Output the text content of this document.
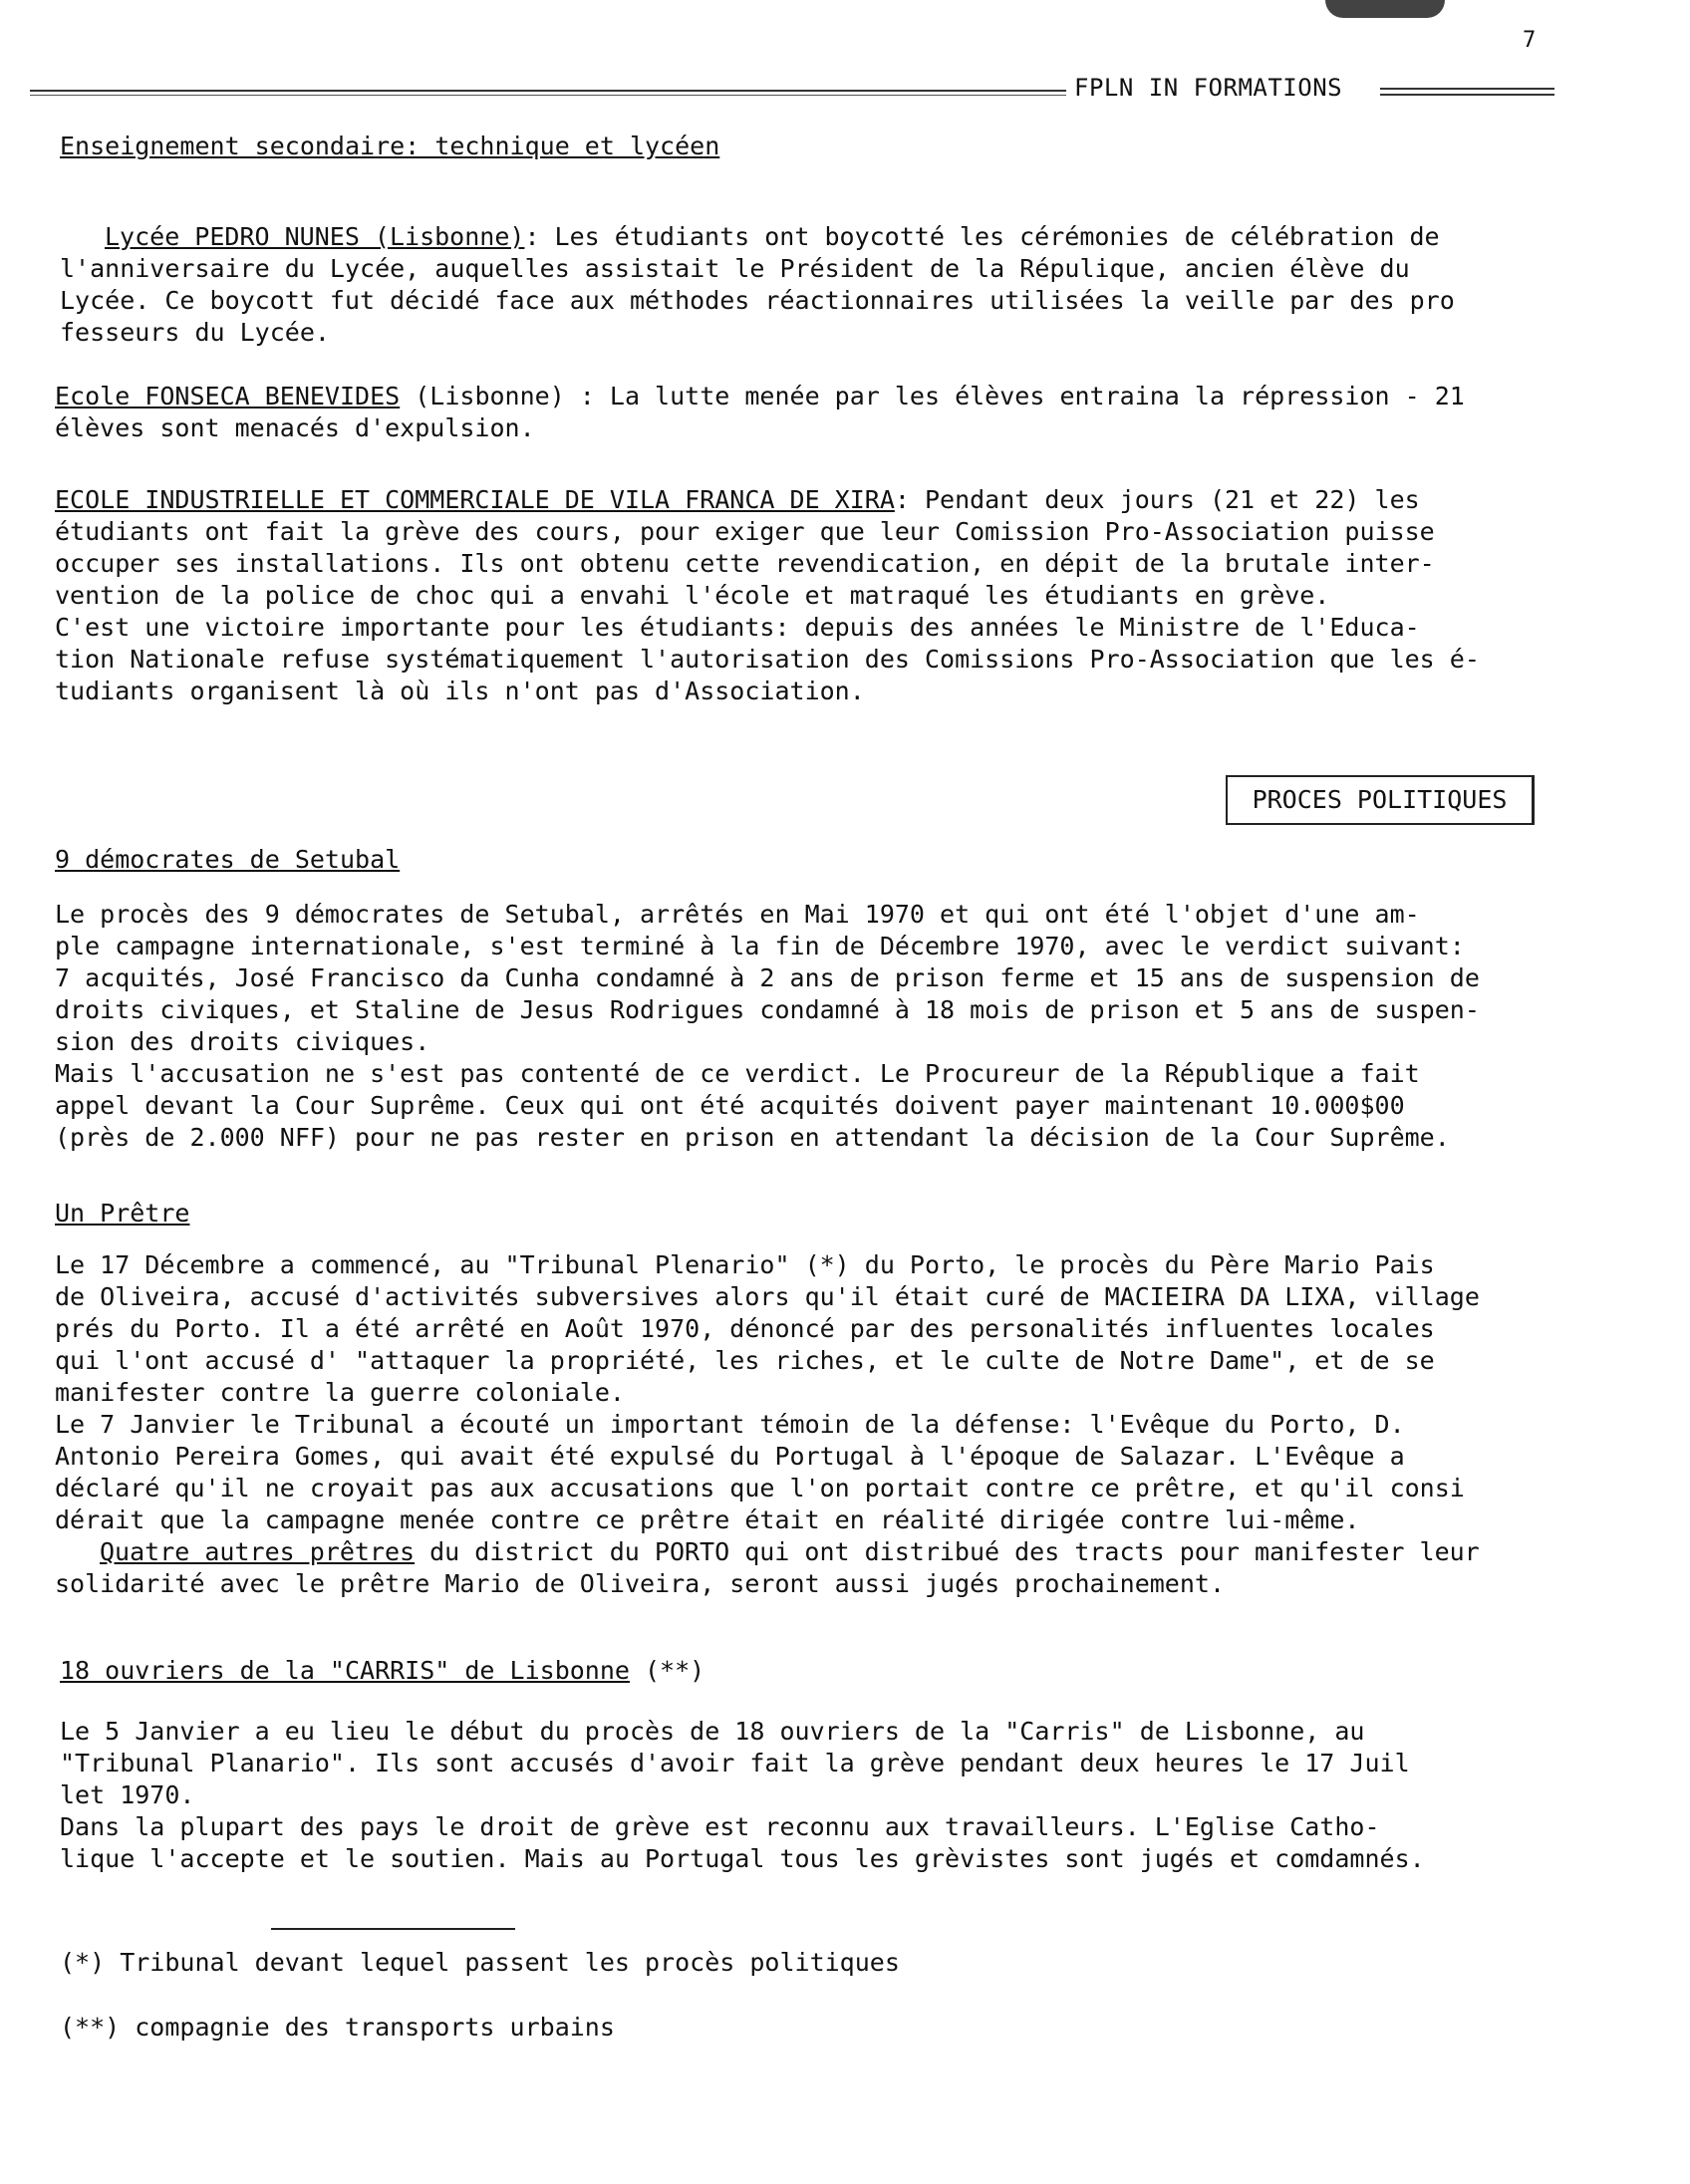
7
FPLN IN FORMATIONS
Enseignement secondaire: technique et lycéen
Lycée PEDRO NUNES (Lisbonne): Les étudiants ont boycotté les cérémonies de célébration de
l'anniversaire du Lycée, auquelles assistait le Président de la Répulique, ancien élève du
Lycée. Ce boycott fut décidé face aux méthodes réactionnaires utilisées la veille par des pro
fesseurs du Lycée.
Ecole FONSECA BENEVIDES (Lisbonne) : La lutte menée par les élèves entraina la répression - 21
élèves sont menacés d'expulsion.
ECOLE INDUSTRIELLE ET COMMERCIALE DE VILA FRANCA DE XIRA: Pendant deux jours (21 et 22) les
étudiants ont fait la grève des cours, pour exiger que leur Comission Pro-Association puisse
occuper ses installations. Ils ont obtenu cette revendication, en dépit de la brutale inter-
vention de la police de choc qui a envahi l'école et matraqué les étudiants en grève.
C'est une victoire importante pour les étudiants: depuis des années le Ministre de l'Educa-
tion Nationale refuse systématiquement l'autorisation des Comissions Pro-Association que les é-
tudiants organisent là où ils n'ont pas d'Association.
PROCES POLITIQUES
9 démocrates de Setubal
Le procès des 9 démocrates de Setubal, arrêtés en Mai 1970 et qui ont été l'objet d'une am-
ple campagne internationale, s'est terminé à la fin de Décembre 1970, avec le verdict suivant:
7 acquités, José Francisco da Cunha condamné à 2 ans de prison ferme et 15 ans de suspension de
droits civiques, et Staline de Jesus Rodrigues condamné à 18 mois de prison et 5 ans de suspen-
sion des droits civiques.
Mais l'accusation ne s'est pas contenté de ce verdict. Le Procureur de la République a fait
appel devant la Cour Suprême. Ceux qui ont été acquités doivent payer maintenant 10.000$00
(près de 2.000 NFF) pour ne pas rester en prison en attendant la décision de la Cour Suprême.
Un Prêtre
Le 17 Décembre a commencé, au "Tribunal Plenario" (*) du Porto, le procès du Père Mario Pais
de Oliveira, accusé d'activités subversives alors qu'il était curé de MACIEIRA DA LIXA, village
prés du Porto. Il a été arrêté en Août 1970, dénoncé par des personalités influentes locales
qui l'ont accusé d' "attaquer la propriété, les riches, et le culte de Notre Dame", et de se
manifester contre la guerre coloniale.
Le 7 Janvier le Tribunal a écouté un important témoin de la défense: l'Evêque du Porto, D.
Antonio Pereira Gomes, qui avait été expulsé du Portugal à l'époque de Salazar. L'Evêque a
déclaré qu'il ne croyait pas aux accusations que l'on portait contre ce prêtre, et qu'il consi
dérait que la campagne menée contre ce prêtre était en réalité dirigée contre lui-même.
Quatre autres prêtres du district du PORTO qui ont distribué des tracts pour manifester leur
solidarité avec le prêtre Mario de Oliveira, seront aussi jugés prochainement.
18 ouvriers de la "CARRIS" de Lisbonne (**)
Le 5 Janvier a eu lieu le début du procès de 18 ouvriers de la "Carris" de Lisbonne, au
"Tribunal Planario". Ils sont accusés d'avoir fait la grève pendant deux heures le 17 Juil
let 1970.
Dans la plupart des pays le droit de grève est reconnu aux travailleurs. L'Eglise Catho-
lique l'accepte et le soutien. Mais au Portugal tous les grèvistes sont jugés et comdamnés.
(*) Tribunal devant lequel passent les procès politiques
(**) compagnie des transports urbains
